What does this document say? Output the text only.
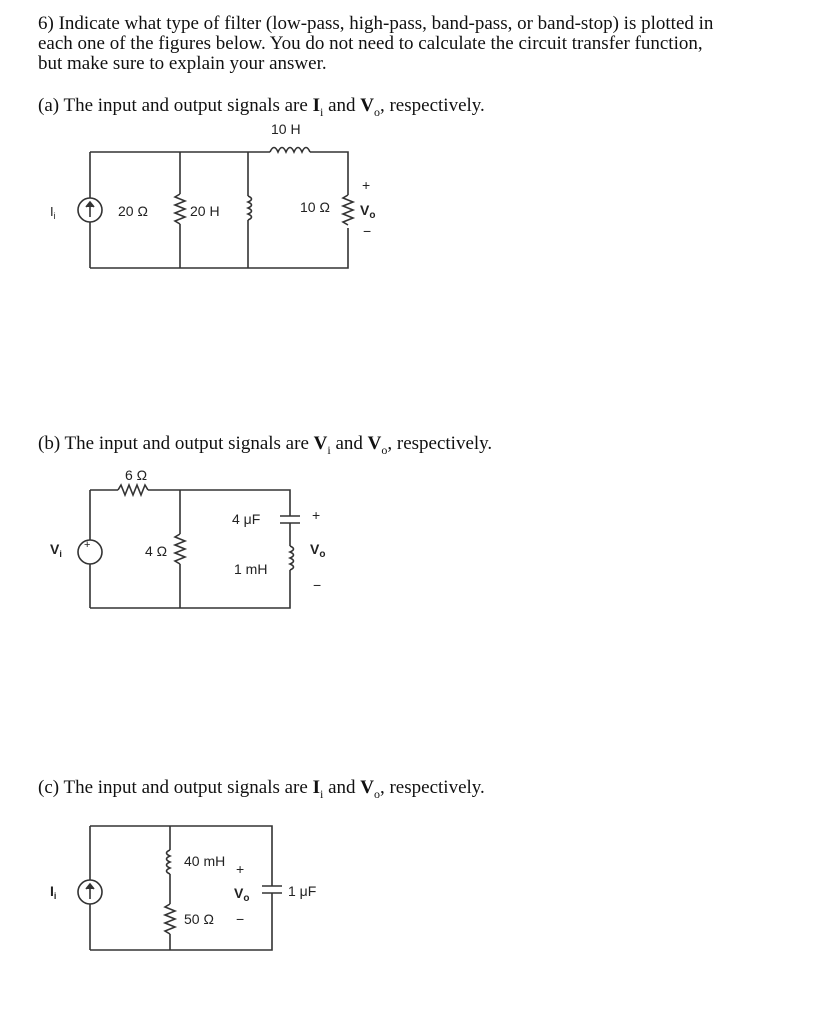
6) Indicate what type of filter (low-pass, high-pass, band-pass, or band-stop) is plotted in
each one of the figures below. You do not need to calculate the circuit transfer function,
but make sure to explain your answer.
(a) The input and output signals are $I_i$ and $V_o$, respectively.
(b) The input and output signals are $V_i$ and $V_o$, respectively.
(c) The input and output signals are $I_i$ and $V_o$, respectively.
10 H
$I_i$	20 Ω	20 H	10 Ω
+
$V_o$
−
6 Ω
$V_i$
+	4 Ω
4 μF
1 mH
+
$V_o$
−
$I_i$
40 mH
50 Ω
+
$V_o$
−
1 μF
